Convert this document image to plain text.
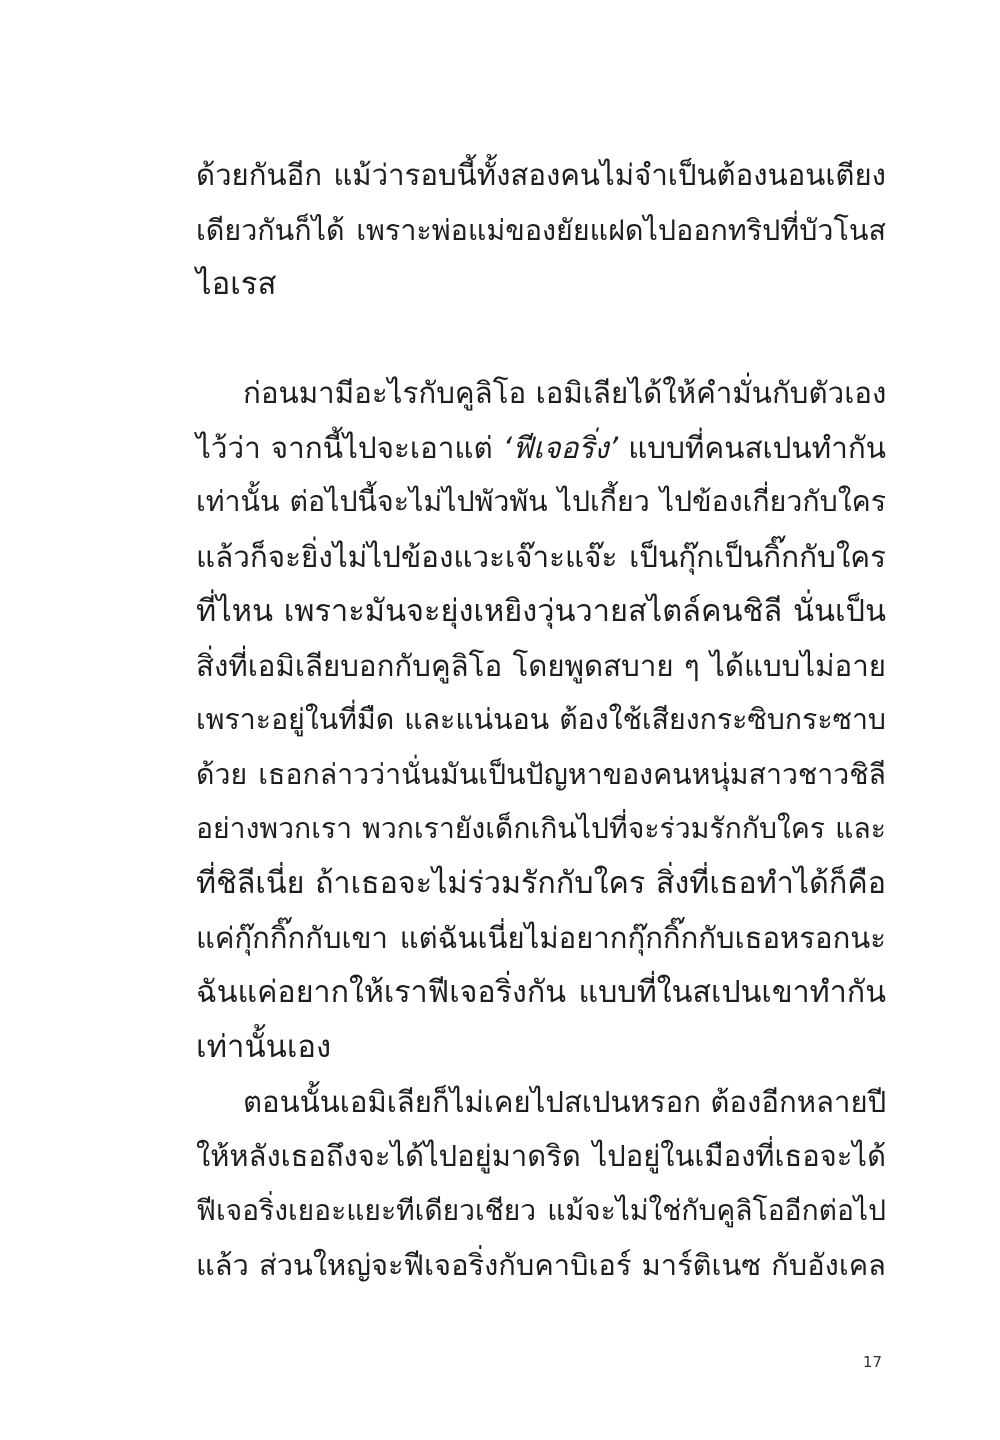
ด้วยกันอีก แม้ว่ารอบนี้ทั้งสองคนไม่จำเป็นต้องนอนเตียง
เดียวกันก็ได้ เพราะพ่อแม่ของยัยแฝดไปออกทริปที่บัวโนส
ไอเรส
ก่อนมามีอะไรกับคูลิโอ เอมิเลียได้ให้คำมั่นกับตัวเอง
ไว้ว่า จากนี้ไปจะเอาแต่ ‘ฟีเจอริ่ง’ แบบที่คนสเปนทำกัน
เท่านั้น ต่อไปนี้จะไม่ไปพัวพัน ไปเกี้ยว ไปข้องเกี่ยวกับใคร
แล้วก็จะยิ่งไม่ไปข้องแวะเจ๊าะแจ๊ะ เป็นกุ๊กเป็นกิ๊กกับใคร
ที่ไหน เพราะมันจะยุ่งเหยิงวุ่นวายสไตล์คนชิลี นั่นเป็น
สิ่งที่เอมิเลียบอกกับคูลิโอ โดยพูดสบาย ๆ ได้แบบไม่อาย
เพราะอยู่ในที่มืด และแน่นอน ต้องใช้เสียงกระซิบกระซาบ
ด้วย เธอกล่าวว่านั่นมันเป็นปัญหาของคนหนุ่มสาวชาวชิลี
อย่างพวกเรา พวกเรายังเด็กเกินไปที่จะร่วมรักกับใคร และ
ที่ชิลีเนี่ย ถ้าเธอจะไม่ร่วมรักกับใคร สิ่งที่เธอทำได้ก็คือ
แค่กุ๊กกิ๊กกับเขา แต่ฉันเนี่ยไม่อยากกุ๊กกิ๊กกับเธอหรอกนะ
ฉันแค่อยากให้เราฟีเจอริ่งกัน แบบที่ในสเปนเขาทำกัน
เท่านั้นเอง
ตอนนั้นเอมิเลียก็ไม่เคยไปสเปนหรอก ต้องอีกหลายปี
ให้หลังเธอถึงจะได้ไปอยู่มาดริด ไปอยู่ในเมืองที่เธอจะได้
ฟีเจอริ่งเยอะแยะทีเดียวเชียว แม้จะไม่ใช่กับคูลิโออีกต่อไป
แล้ว ส่วนใหญ่จะฟีเจอริ่งกับคาบิเอร์ มาร์ติเนซ กับอังเคล
17
